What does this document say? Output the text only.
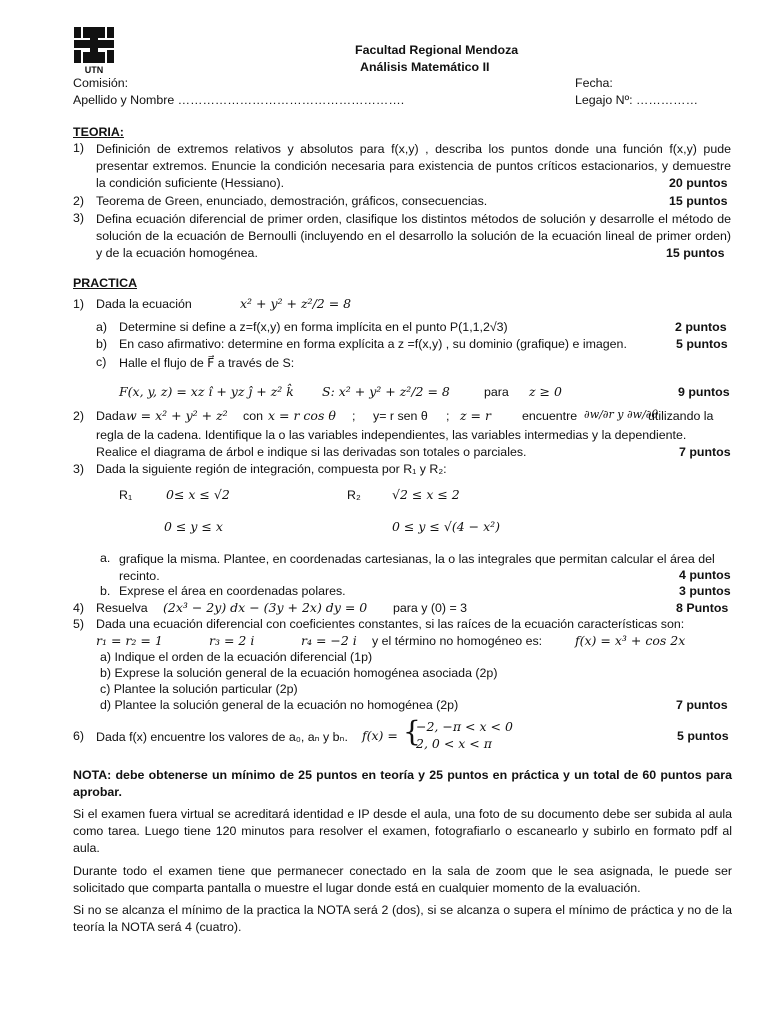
UTN
Facultad Regional Mendoza
Análisis Matemático II
Comisión:	Fecha:
Apellido y Nombre ……………………………………………….	Legajo Nº: ……………
TEORIA:
1) Definición de extremos relativos y absolutos para f(x,y) , describa los puntos donde una función f(x,y) pude presentar extremos. Enuncie la condición necesaria para existencia de puntos críticos estacionarios, y demuestre la condición suficiente (Hessiano).	20 puntos
2) Teorema de Green, enunciado, demostración, gráficos, consecuencias.	15 puntos
3) Defina ecuación diferencial de primer orden, clasifique los distintos métodos de solución y desarrolle el método de solución de la ecuación de Bernoulli (incluyendo en el desarrollo la solución de la ecuación lineal de primer orden) y de la ecuación homogénea.	15 puntos
PRACTICA
1) Dada la ecuación	x² + y² + z²/2 = 8
a) Determine si define a z=f(x,y) en forma implícita en el punto P(1,1,2√3)	2 puntos
b) En caso afirmativo: determine en forma explícita a z =f(x,y) , su dominio (grafique) e imagen.	5 puntos
c) Halle el flujo de F⃗ a través de S:
F(x, y, z) = xz î + yz ĵ + z² k̂ S: x² + y² + z²/2 = 8	para z ≥ 0	9 puntos
2) Dada w = x² + y² + z² con x = r cos θ ; y= r sen θ ; z = r	encuentre ∂w/∂r y ∂w/∂θ
utilizando la
regla de la cadena. Identifique la o las variables independientes, las variables intermedias y la dependiente.
Realice el diagrama de árbol e indique si las derivadas son totales o parciales.	7 puntos
3) Dada la siguiente región de integración, compuesta por R₁ y R₂:
R₁	0≤ x ≤ √2	R₂ √2 ≤ x ≤ 2
0 ≤ y ≤ x	0 ≤ y ≤ √(4 − x²)
a. grafique la misma. Plantee, en coordenadas cartesianas, la o las integrales que permitan calcular el área del recinto.	4 puntos
b. Exprese el área en coordenadas polares.	3 puntos
4) Resuelva (2x³ − 2y) dx − (3y + 2x) dy = 0 para y (0) = 3	8 Puntos
5) Dada una ecuación diferencial con coeficientes constantes, si las raíces de la ecuación características son:
r₁ = r₂ = 1	r₃ = 2 i	r₄ = −2 i y el término no homogéneo es:	f(x) = x³ + cos 2x
a) Indique el orden de la ecuación diferencial (1p)
b) Exprese la solución general de la ecuación homogénea asociada (2p)
c) Plantee la solución particular (2p)
d) Plantee la solución general de la ecuación no homogénea (2p)	7 puntos
6) Dada f(x) encuentre los valores de a₀, aₙ y bₙ. f(x) = {
−2, −π < x < 0
2, 0 < x < π	5 puntos
NOTA: debe obtenerse un mínimo de 25 puntos en teoría y 25 puntos en práctica y un total de 60 puntos para aprobar.
Si el examen fuera virtual se acreditará identidad e IP desde el aula, una foto de su documento debe ser subida al aula como tarea. Luego tiene 120 minutos para resolver el examen, fotografiarlo o escanearlo y subirlo en formato pdf al aula.
Durante todo el examen tiene que permanecer conectado en la sala de zoom que le sea asignada, le puede ser solicitado que comparta pantalla o muestre el lugar donde está en cualquier momento de la evaluación.
Si no se alcanza el mínimo de la practica la NOTA será 2 (dos), si se alcanza o supera el mínimo de práctica y no de la teoría la NOTA será 4 (cuatro).
